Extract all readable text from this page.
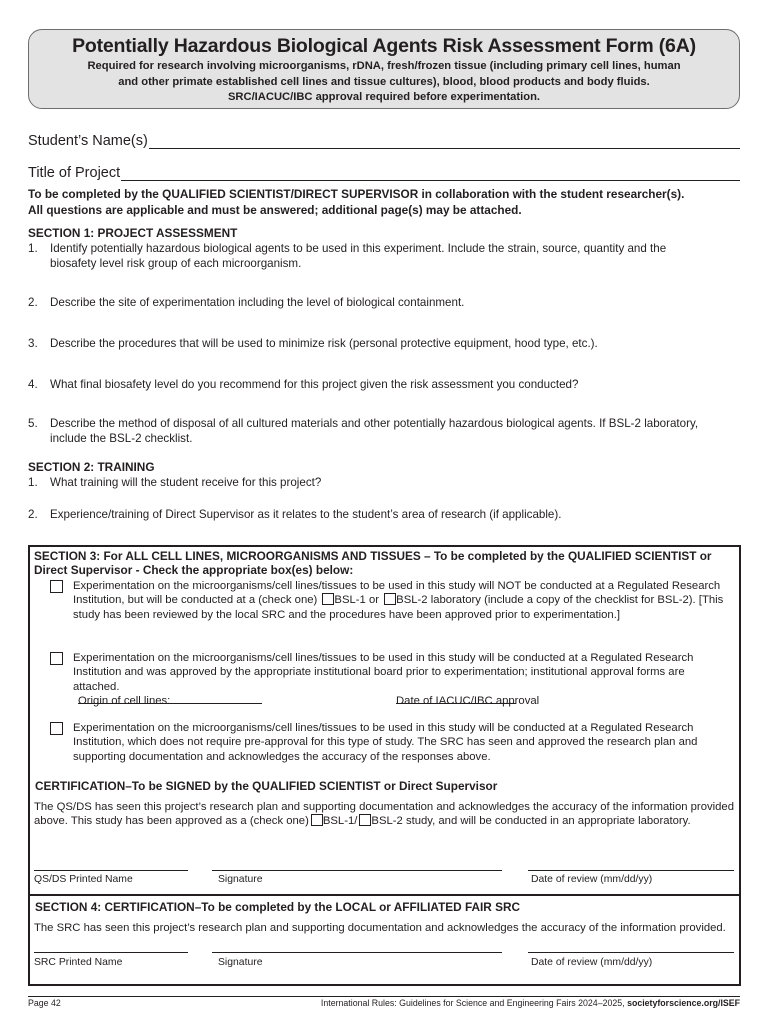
Potentially Hazardous Biological Agents Risk Assessment Form (6A)
Required for research involving microorganisms, rDNA, fresh/frozen tissue (including primary cell lines, human
and other primate established cell lines and tissue cultures), blood, blood products and body fluids.
SRC/IACUC/IBC approval required before experimentation.
Student’s Name(s)
Title of Project
To be completed by the QUALIFIED SCIENTIST/DIRECT SUPERVISOR in collaboration with the student researcher(s).
All questions are applicable and must be answered; additional page(s) may be attached.
SECTION 1: PROJECT ASSESSMENT
1.	Identify potentially hazardous biological agents to be used in this experiment. Include the strain, source, quantity and the biosafety level risk group of each microorganism.
2.	Describe the site of experimentation including the level of biological containment.
3.	Describe the procedures that will be used to minimize risk (personal protective equipment, hood type, etc.).
4.	What final biosafety level do you recommend for this project given the risk assessment you conducted?
5.	Describe the method of disposal of all cultured materials and other potentially hazardous biological agents. If BSL-2 laboratory, include the BSL-2 checklist.
SECTION 2: TRAINING
1.	What training will the student receive for this project?
2.	Experience/training of Direct Supervisor as it relates to the student’s area of research (if applicable).
SECTION 3: For ALL CELL LINES, MICROORGANISMS AND TISSUES – To be completed by the QUALIFIED SCIENTIST or
Direct Supervisor - Check the appropriate box(es) below:
Experimentation on the microorganisms/cell lines/tissues to be used in this study will NOT be conducted at a Regulated Research Institution, but will be conducted at a (check one) BSL-1 or BSL-2 laboratory (include a copy of the checklist for BSL-2). [This study has been reviewed by the local SRC and the procedures have been approved prior to experimentation.]
Experimentation on the microorganisms/cell lines/tissues to be used in this study will be conducted at a Regulated Research Institution and was approved by the appropriate institutional board prior to experimentation; institutional approval forms are attached.
Origin of cell lines:	Date of IACUC/IBC approval
Experimentation on the microorganisms/cell lines/tissues to be used in this study will be conducted at a Regulated Research Institution, which does not require pre-approval for this type of study. The SRC has seen and approved the research plan and supporting documentation and acknowledges the accuracy of the responses above.
CERTIFICATION–To be SIGNED by the QUALIFIED SCIENTIST or Direct Supervisor
The QS/DS has seen this project’s research plan and supporting documentation and acknowledges the accuracy of the information provided above. This study has been approved as a (check one) BSL-1/ BSL-2 study, and will be conducted in an appropriate laboratory.
QS/DS Printed Name	Signature	Date of review (mm/dd/yy)
SECTION 4: CERTIFICATION–To be completed by the LOCAL or AFFILIATED FAIR SRC
The SRC has seen this project’s research plan and supporting documentation and acknowledges the accuracy of the information provided.
SRC Printed Name	Signature	Date of review (mm/dd/yy)
Page 42	International Rules: Guidelines for Science and Engineering Fairs 2024–2025, societyforscience.org/ISEF
